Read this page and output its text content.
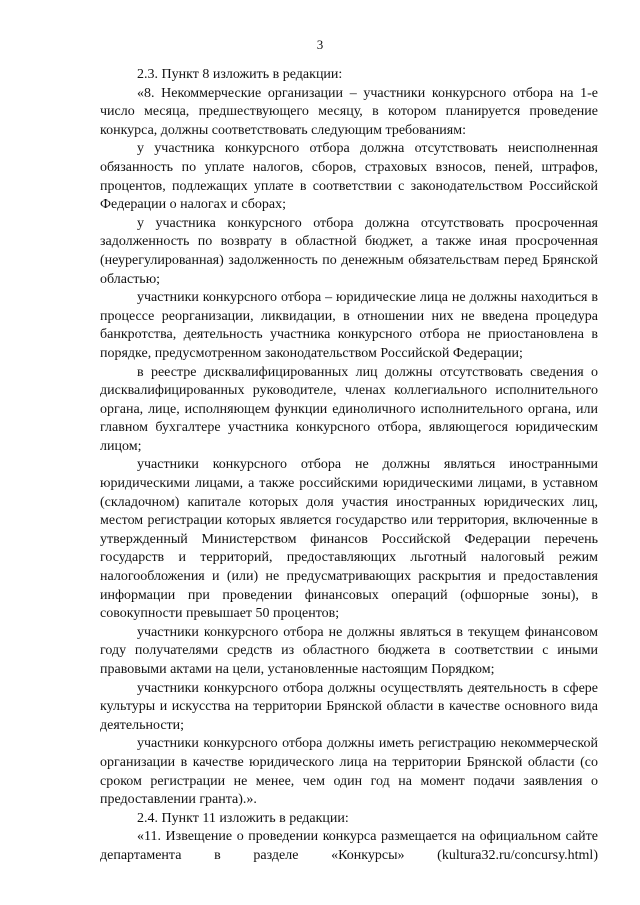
3

2.3. Пункт 8 изложить в редакции:

«8. Некоммерческие организации – участники конкурсного отбора на 1-е число месяца, предшествующего месяцу, в котором планируется проведение конкурса, должны соответствовать следующим требованиям:

у участника конкурсного отбора должна отсутствовать неисполненная обязанность по уплате налогов, сборов, страховых взносов, пеней, штрафов, процентов, подлежащих уплате в соответствии с законодательством Российской Федерации о налогах и сборах;

у участника конкурсного отбора должна отсутствовать просроченная задолженность по возврату в областной бюджет, а также иная просроченная (неурегулированная) задолженность по денежным обязательствам перед Брянской областью;

участники конкурсного отбора – юридические лица не должны находиться в процессе реорганизации, ликвидации, в отношении них не введена процедура банкротства, деятельность участника конкурсного отбора не приостановлена в порядке, предусмотренном законодательством Российской Федерации;

в реестре дисквалифицированных лиц должны отсутствовать сведения о дисквалифицированных руководителе, членах коллегиального исполнительного органа, лице, исполняющем функции единоличного исполнительного органа, или главном бухгалтере участника конкурсного отбора, являющегося юридическим лицом;

участники конкурсного отбора не должны являться иностранными юридическими лицами, а также российскими юридическими лицами, в уставном (складочном) капитале которых доля участия иностранных юридических лиц, местом регистрации которых является государство или территория, включенные в утвержденный Министерством финансов Российской Федерации перечень государств и территорий, предоставляющих льготный налоговый режим налогообложения и (или) не предусматривающих раскрытия и предоставления информации при проведении финансовых операций (офшорные зоны), в совокупности превышает 50 процентов;

участники конкурсного отбора не должны являться в текущем финансовом году получателями средств из областного бюджета в соответствии с иными правовыми актами на цели, установленные настоящим Порядком;

участники конкурсного отбора должны осуществлять деятельность в сфере культуры и искусства на территории Брянской области в качестве основного вида деятельности;

участники конкурсного отбора должны иметь регистрацию некоммерческой организации в качестве юридического лица на территории Брянской области (со сроком регистрации не менее, чем один год на момент подачи заявления о предоставлении гранта).».

2.4. Пункт 11 изложить в редакции:

«11. Извещение о проведении конкурса размещается на официальном сайте департамента в разделе «Конкурсы» (kultura32.ru/concursy.html)
